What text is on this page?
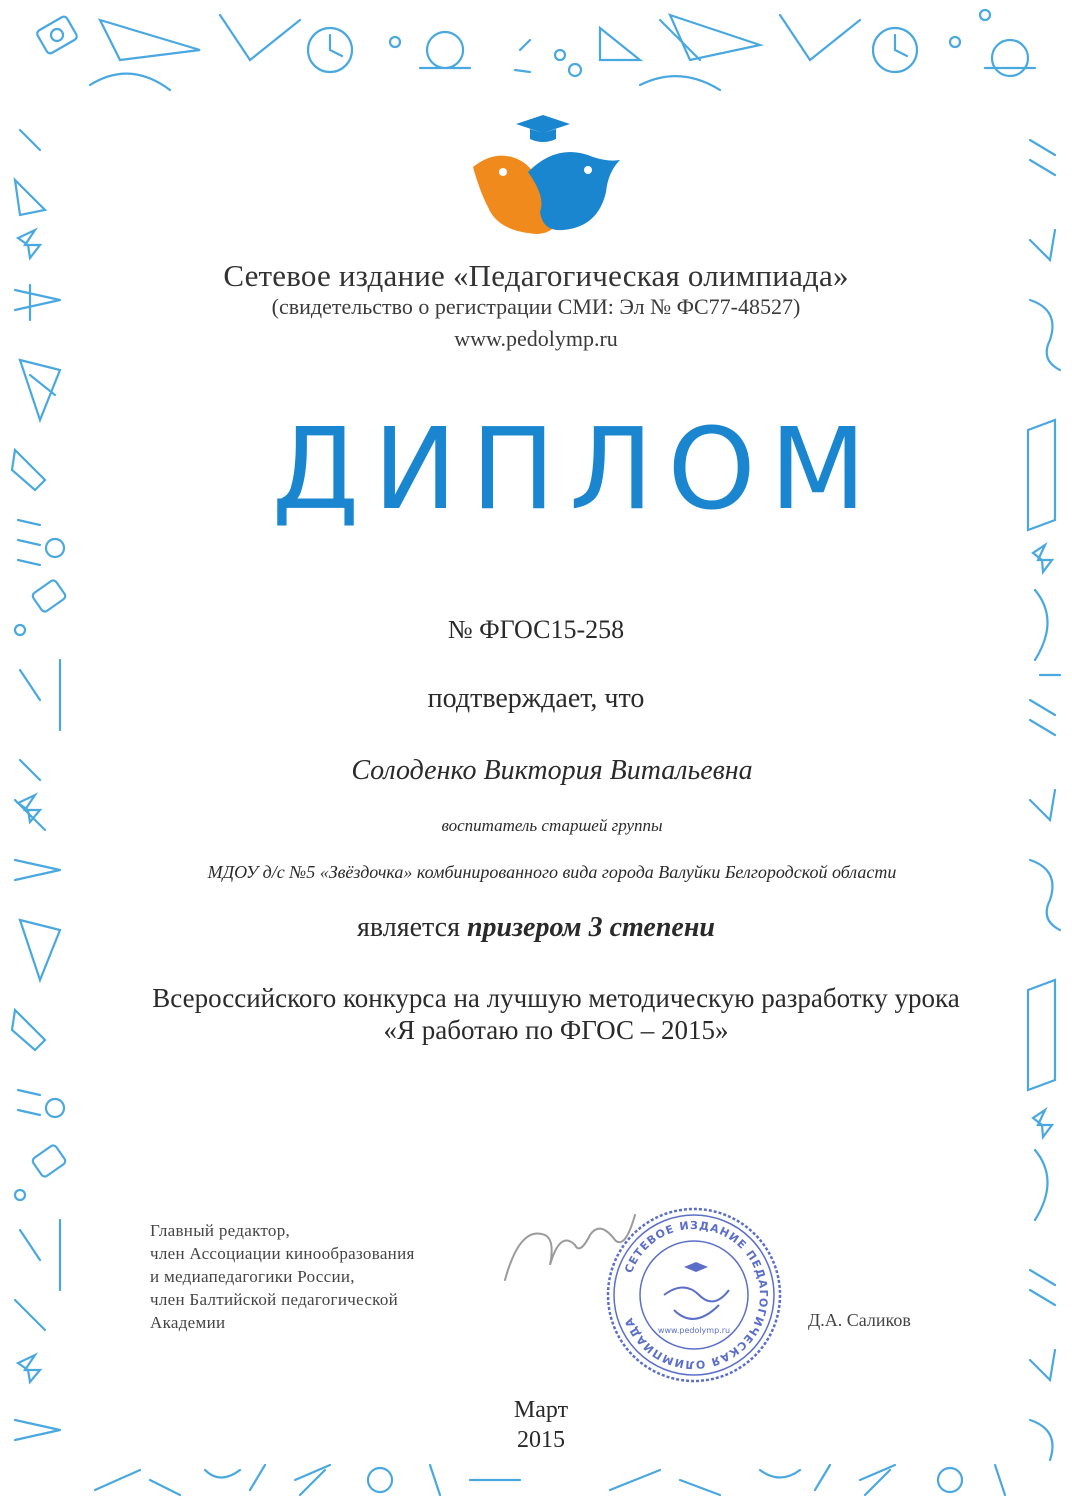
Сетевое издание «Педагогическая олимпиада»
(свидетельство о регистрации СМИ: Эл № ФС77-48527)
www.pedolymp.ru
ДИПЛОМ
№ ФГОС15-258
подтверждает, что
Солоденко Виктория Витальевна
воспитатель старшей группы
МДОУ д/с №5 «Звёздочка» комбинированного вида города Валуйки Белгородской области
является призером 3 степени
Всероссийского конкурса на лучшую методическую разработку урока
«Я работаю по ФГОС – 2015»
Главный редактор,
член Ассоциации кинообразования
и медиапедагогики России,
член Балтийской педагогической
Академии
СЕТЕВОЕ ИЗДАНИЕ ПЕДАГОГИЧЕСКАЯ ОЛИМПИАДА
www.pedolymp.ru
Д.А. Саликов
Март
2015
